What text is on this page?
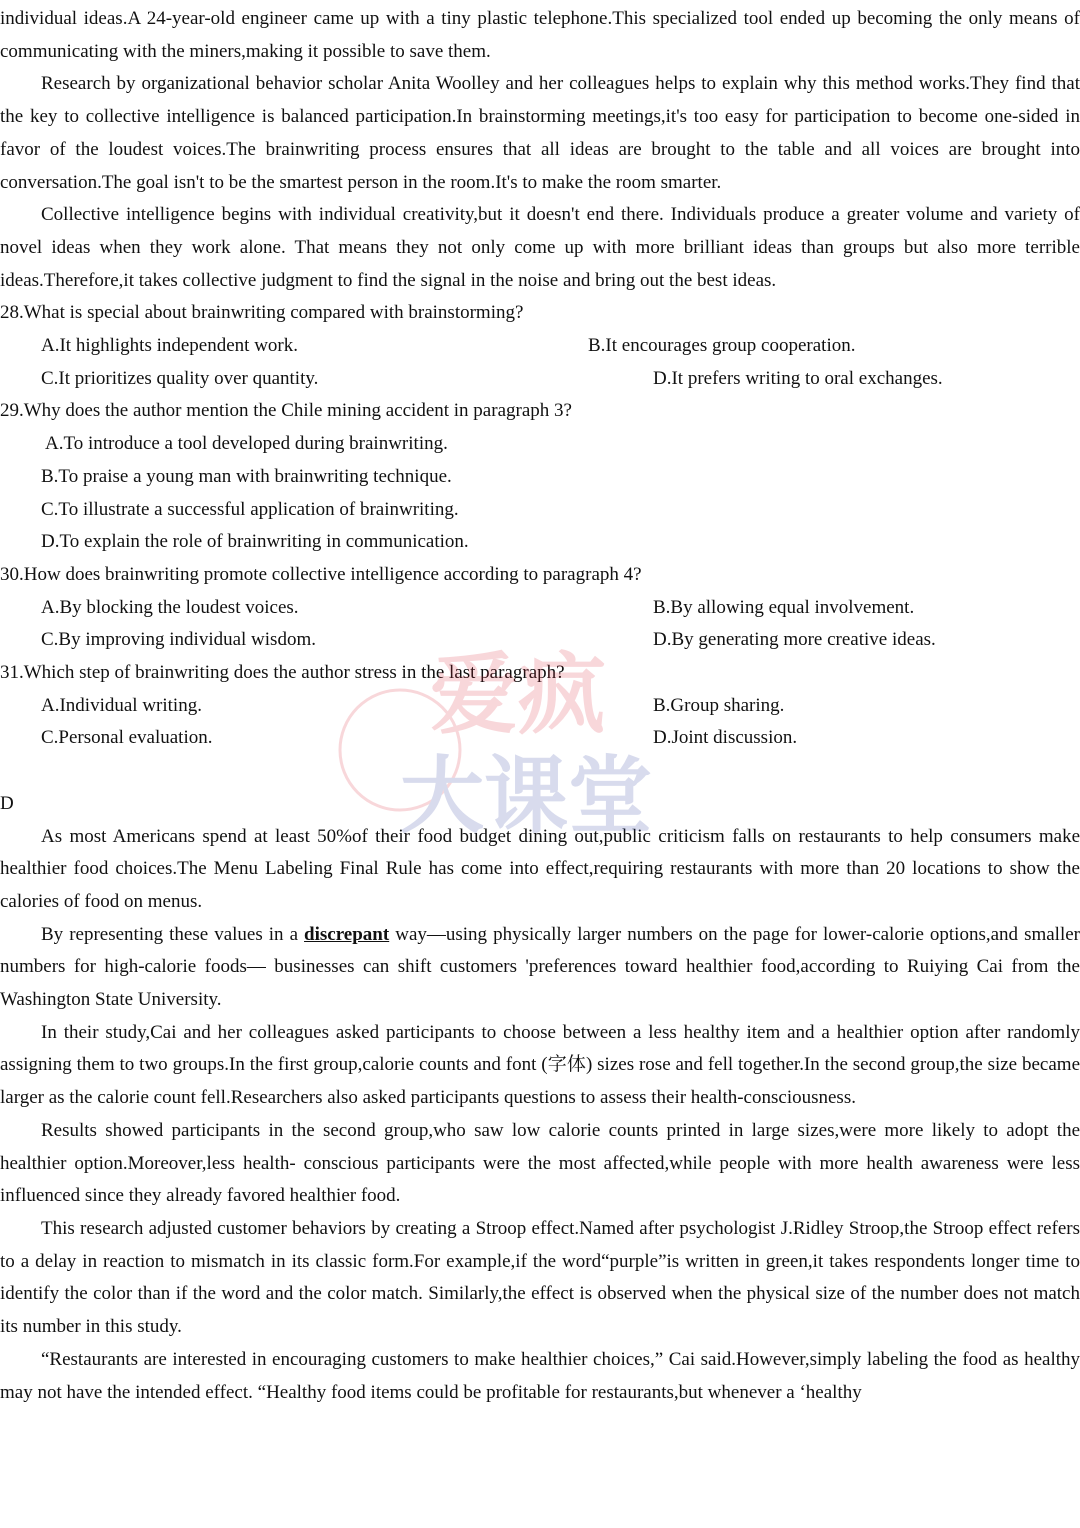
individual ideas.A 24-year-old engineer came up with a tiny plastic telephone.This specialized tool ended up becoming the only means of communicating with the miners,making it possible to save them.

Research by organizational behavior scholar Anita Woolley and her colleagues helps to explain why this method works.They find that the key to collective intelligence is balanced participation.In brainstorming meetings,it's too easy for participation to become one-sided in favor of the loudest voices.The brainwriting process ensures that all ideas are brought to the table and all voices are brought into conversation.The goal isn't to be the smartest person in the room.It's to make the room smarter.

Collective intelligence begins with individual creativity,but it doesn't end there. Individuals produce a greater volume and variety of novel ideas when they work alone. That means they not only come up with more brilliant ideas than groups but also more terrible ideas.Therefore,it takes collective judgment to find the signal in the noise and bring out the best ideas.

28.What is special about brainwriting compared with brainstorming?

A.It highlights independent work.	B.It encourages group cooperation.
C.It prioritizes quality over quantity.	D.It prefers writing to oral exchanges.

29.Why does the author mention the Chile mining accident in paragraph 3?

A.To introduce a tool developed during brainwriting.

B.To praise a young man with brainwriting technique.

C.To illustrate a successful application of brainwriting.

D.To explain the role of brainwriting in communication.

30.How does brainwriting promote collective intelligence according to paragraph 4?

A.By blocking the loudest voices.	B.By allowing equal involvement.
C.By improving individual wisdom.	D.By generating more creative ideas.

31.Which step of brainwriting does the author stress in the last paragraph?

A.Individual writing.	B.Group sharing.
C.Personal evaluation.	D.Joint discussion.

D

As most Americans spend at least 50%of their food budget dining out,public criticism falls on restaurants to help consumers make healthier food choices.The Menu Labeling Final Rule has come into effect,requiring restaurants with more than 20 locations to show the calories of food on menus.

By representing these values in a discrepant way—using physically larger numbers on the page for lower-calorie options,and smaller numbers for high-calorie foods— businesses can shift customers 'preferences toward healthier food,according to Ruiying Cai from the Washington State University.

In their study,Cai and her colleagues asked participants to choose between a less healthy item and a healthier option after randomly assigning them to two groups.In the first group,calorie counts and font (字体) sizes rose and fell together.In the second group,the size became larger as the calorie count fell.Researchers also asked participants questions to assess their health-consciousness.

Results showed participants in the second group,who saw low calorie counts printed in large sizes,were more likely to adopt the healthier option.Moreover,less health- conscious participants were the most affected,while people with more health awareness were less influenced since they already favored healthier food.

This research adjusted customer behaviors by creating a Stroop effect.Named after psychologist J.Ridley Stroop,the Stroop effect refers to a delay in reaction to mismatch in its classic form.For example,if the word“purple”is written in green,it takes respondents longer time to identify the color than if the word and the color match. Similarly,the effect is observed when the physical size of the number does not match its number in this study.

“Restaurants are interested in encouraging customers to make healthier choices,” Cai said.However,simply labeling the food as healthy may not have the intended effect. “Healthy food items could be profitable for restaurants,but whenever a ‘healthy

爱疯
大课堂
